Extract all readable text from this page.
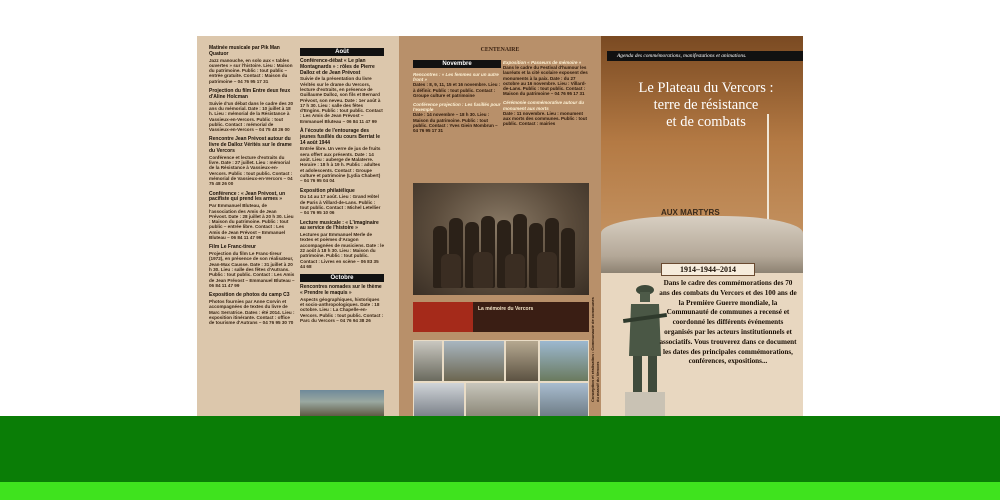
Matinée musicale par Pik Man Quatuor
Jazz manouche, en solo aux « tables ouvertes » sur l'histoire. Lieu : Maison du patrimoine. Public : tout public – entrée gratuite. Contact : Maison du patrimoine – 04 76 95 17 31
Projection du film Entre deux feux d'Aline Holcman
Suivie d'un débat dans le cadre des 20 ans du mémorial. Date : 10 juillet à 18 h. Lieu : mémorial de la Résistance à Vassieux-en-Vercors. Public : tout public. Contact : mémorial de Vassieux-en-Vercors – 04 75 48 26 00
Rencontre Jean Prévost autour du livre de Dalloz Vérités sur le drame du Vercors
Conférence et lecture d'extraits du livre. Date : 27 juillet. Lieu : mémorial de la Résistance à Vassieux-en-Vercors. Public : tout public. Contact : mémorial de Vassieux-en-Vercors – 04 75 48 26 00
Conférence : « Jean Prévost, un pacifiste qui prend les armes »
Par Emmanuel Bluteau, de l'association des Amis de Jean Prévost. Date : 28 juillet à 20 h 30. Lieu : Maison du patrimoine. Public : tout public – entrée libre. Contact : Les Amis de Jean Prévost – Emmanuel Bluteau – 06 84 11 47 99
Film Le Franc-tireur
Projection du film Le Franc-tireur (1972), en présence de son réalisateur, Jean-Max Causse. Date : 31 juillet à 20 h 30. Lieu : salle des fêtes d'Autrans. Public : tout public. Contact : Les Amis de Jean Prévost – Emmanuel Bluteau – 06 84 11 47 99
Exposition de photos du camp C3
Photos fournies par Anne Corvin et accompagnées de textes du livre de Marc Serratrice. Dates : été 2014. Lieu : exposition itinérante. Contact : office de tourisme d'Autrans – 04 76 95 30 70
Août
Conférence-débat « Le plan Montagnards » : rôles de Pierre Dalloz et de Jean Prévost
Suivie de la présentation du livre Vérités sur le drame du Vercors, lecture d'extraits, en présence de Guillaume Dalloz, son fils et Bernard Prévost, son neveu. Date : 1er août à 17 h 30. Lieu : salle des fêtes d'Engins. Public : tout public. Contact : Les Amis de Jean Prévost – Emmanuel Bluteau – 06 84 11 47 99
À l'écoute de l'entourage des jeunes fusillés du cours Berriat le 14 août 1944
Entrée libre. Un verre de jus de fruits sera offert aux présents. Date : 14 août. Lieu : auberge de Malaterre. Horaire : 18 h à 19 h. Public : adultes et adolescents. Contact : Groupe culture et patrimoine (Lydia Chabert) – 04 76 95 04 04
Exposition philatélique
Du 14 au 17 août. Lieu : Grand Hôtel de Paris à Villard-de-Lans. Public : tout public. Contact : Michel Letellier – 04 76 95 10 06
Lecture musicale : « L'imaginaire au service de l'histoire »
Lectures par Emmanuel Merle de textes et poèmes d'Aragon accompagnées de musiciens. Date : le 22 août à 18 h 30. Lieu : Maison du patrimoine. Public : tout public. Contact : Livres en scène – 06 83 35 44 68
Octobre
Rencontres nomades sur le thème « Prendre le maquis »
Aspects géographiques, historiques et socio-anthropologiques. Date : 18 octobre. Lieu : La Chapelle-en-Vercors. Public : tout public. Contact : Parc du Vercors – 04 76 94 38 26
CENTENAIRE
Novembre
Rencontres : « Les femmes sur un autre front »
Dates : 8, 9, 11, 15 et 16 novembre. Lieu : à définir. Public : tout public. Contact : Groupe culture et patrimoine
Conférence projection : Les fusillés pour l'exemple
Date : 14 novembre – 18 h 30. Lieu : Maison du patrimoine. Public : tout public. Contact : Yves Giein Mombrun – 04 76 95 17 31
Exposition « Passeurs de mémoire »
Dans le cadre du Festival d'humour les lauréats et la cité scolaire exposent des monuments à la paix. Date : du 27 octobre au 16 novembre. Lieu : Villard-de-Lans. Public : tout public. Contact : Maison du patrimoine – 04 76 95 17 31
Cérémonie commémorative autour du monument aux morts
Date : 11 novembre. Lieu : monument aux morts des communes. Public : tout public. Contact : mairies
La mémoire du Vercors	Conception et réalisation : Communauté de communes du massif du Vercors
AUX MARTYRS
Agenda des commémorations, manifestations et animations.
Le Plateau du Vercors :
terre de résistance
et de combats
1914–1944–2014
Dans le cadre des commémorations des 70 ans des combats du Vercors et des 100 ans de la Première Guerre mondiale, la Communauté de communes a recensé et coordonné les différents événements organisés par les acteurs institutionnels et associatifs. Vous trouverez dans ce document les dates des principales commémorations, conférences, expositions...
